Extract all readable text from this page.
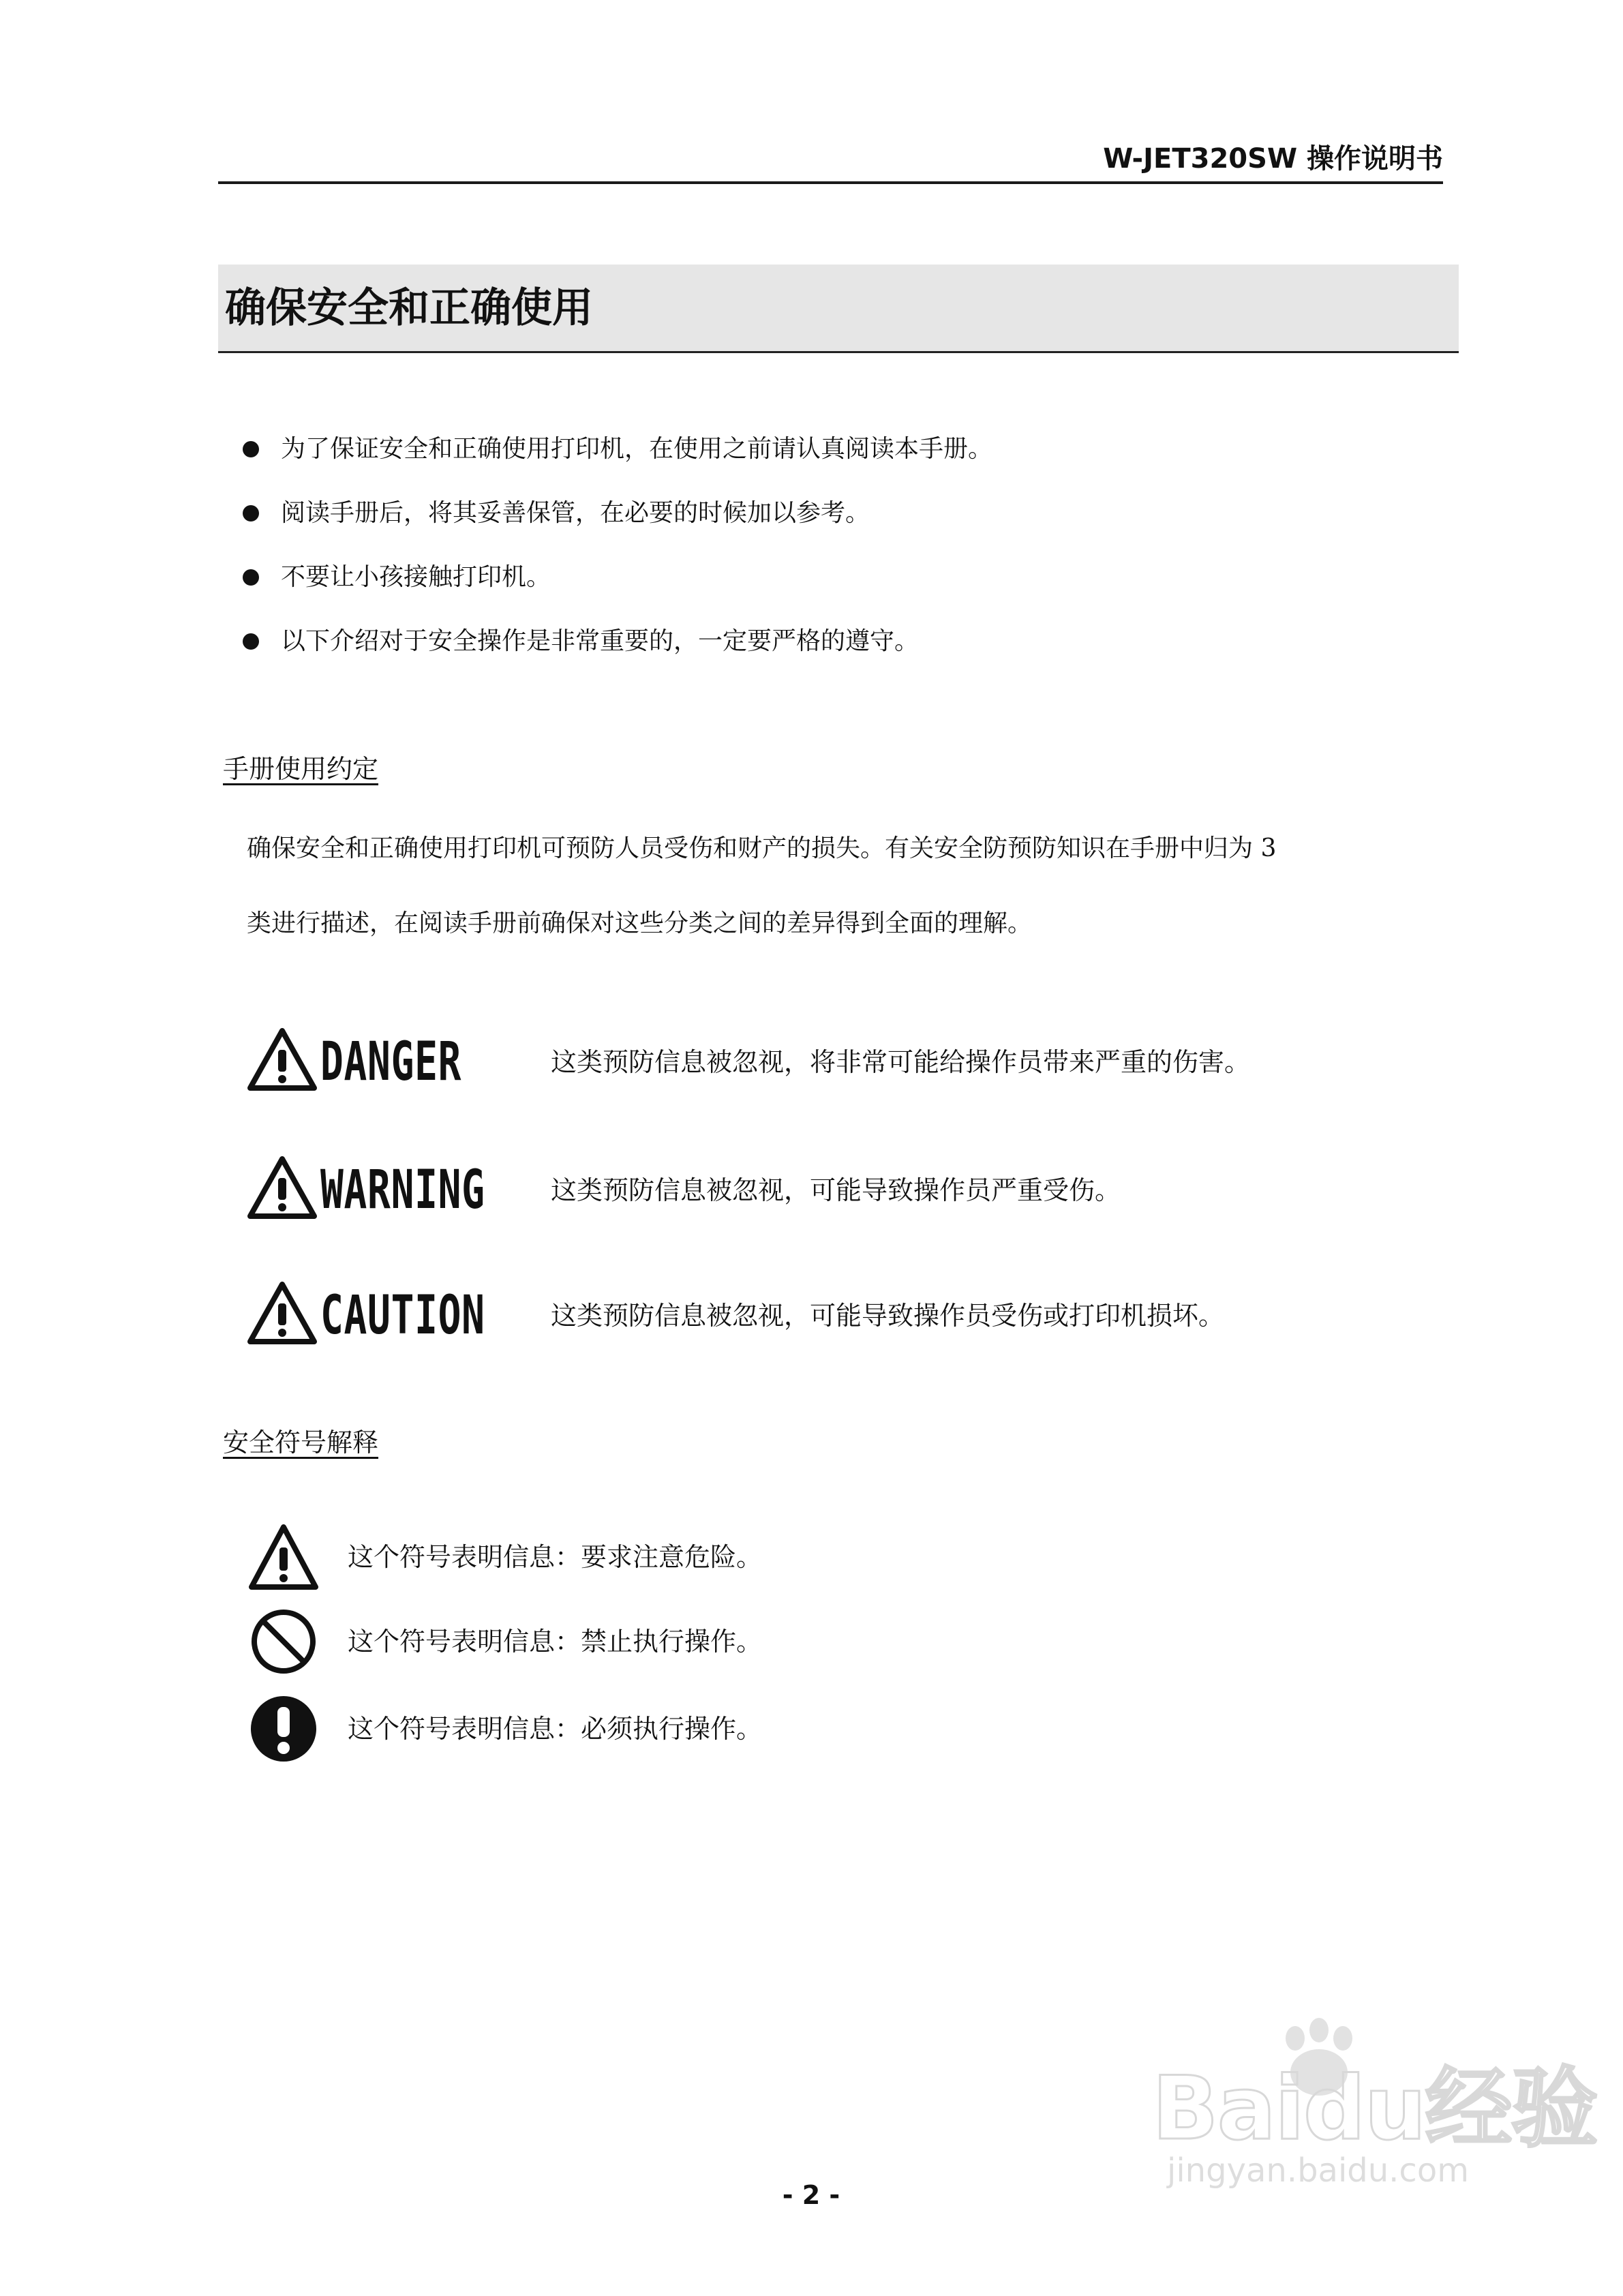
W-JET320SW 操作说明书
确保安全和正确使用
为了保证安全和正确使用打印机，在使用之前请认真阅读本手册。
阅读手册后，将其妥善保管，在必要的时候加以参考。
不要让小孩接触打印机。
以下介绍对于安全操作是非常重要的，一定要严格的遵守。
手册使用约定
确保安全和正确使用打印机可预防人员受伤和财产的损失。有关安全防预防知识在手册中归为 3
类进行描述，在阅读手册前确保对这些分类之间的差异得到全面的理解。
DANGER	这类预防信息被忽视，将非常可能给操作员带来严重的伤害。
WARNING	这类预防信息被忽视，可能导致操作员严重受伤。
CAUTION	这类预防信息被忽视，可能导致操作员受伤或打印机损坏。
安全符号解释
这个符号表明信息：要求注意危险。
这个符号表明信息：禁止执行操作。
这个符号表明信息：必须执行操作。
- 2 -
Baidu经验
jingyan.baidu.com
